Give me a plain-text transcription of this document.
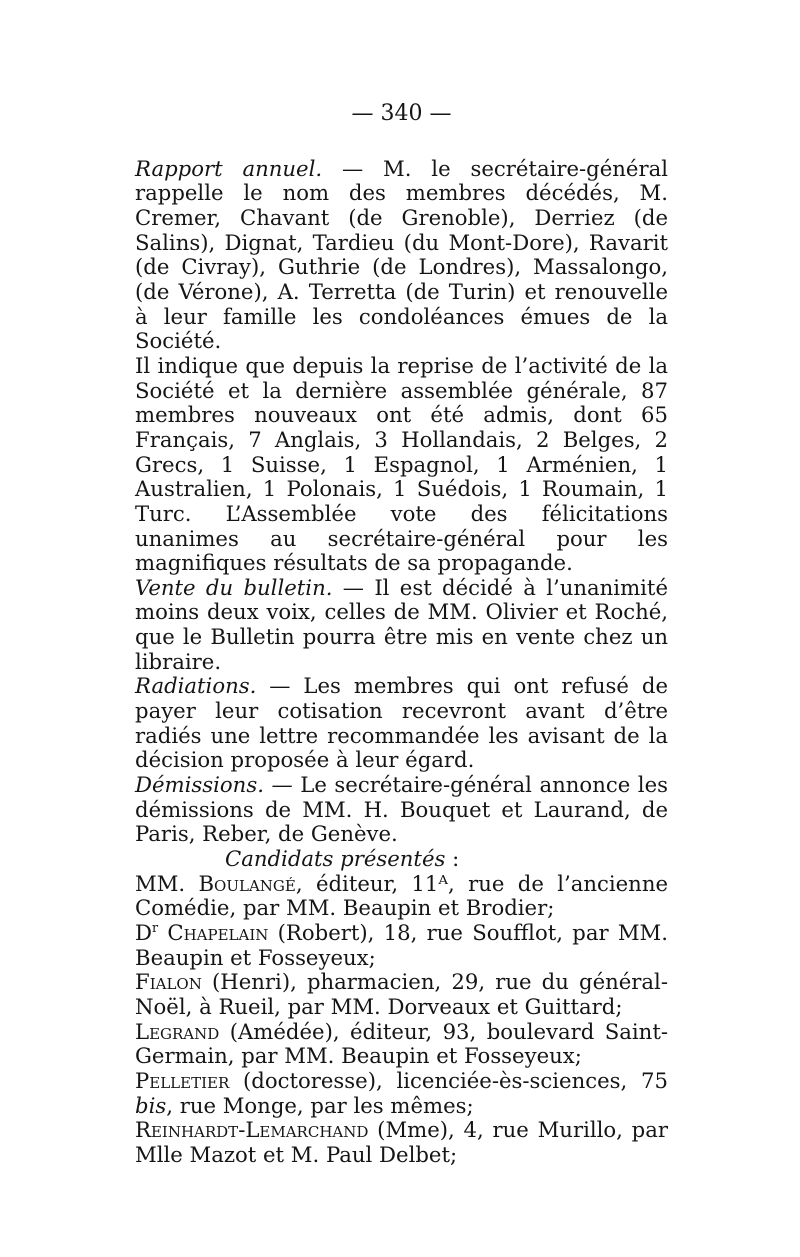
— 340 —

Rapport annuel. — M. le secrétaire-général rappelle le nom des membres décédés, M. Cremer, Chavant (de Grenoble), Derriez (de Salins), Dignat, Tardieu (du Mont-Dore), Ravarit (de Civray), Guthrie (de Londres), Massalongo, (de Vérone), A. Terretta (de Turin) et renouvelle à leur famille les condoléances émues de la Société.

Il indique que depuis la reprise de l’activité de la Société et la dernière assemblée générale, 87 membres nouveaux ont été admis, dont 65 Français, 7 Anglais, 3 Hollandais, 2 Belges, 2 Grecs, 1 Suisse, 1 Espagnol, 1 Arménien, 1 Australien, 1 Polonais, 1 Suédois, 1 Roumain, 1 Turc. L’Assemblée vote des félicitations unanimes au secrétaire-général pour les magnifiques résultats de sa propagande.

Vente du bulletin. — Il est décidé à l’unanimité moins deux voix, celles de MM. Olivier et Roché, que le Bulletin pourra être mis en vente chez un libraire.

Radiations. — Les membres qui ont refusé de payer leur cotisation recevront avant d’être radiés une lettre recommandée les avisant de la décision proposée à leur égard.

Démissions. — Le secrétaire-général annonce les démissions de MM. H. Bouquet et Laurand, de Paris, Reber, de Genève.

Candidats présentés :

MM. Boulangé, éditeur, 11ᴬ, rue de l’ancienne Comédie, par MM. Beaupin et Brodier;

$D^r$ Chapelain (Robert), 18, rue Soufflot, par MM. Beaupin et Fosseyeux;

Fialon (Henri), pharmacien, 29, rue du général-Noël, à Rueil, par MM. Dorveaux et Guittard;

Legrand (Amédée), éditeur, 93, boulevard Saint-Germain, par MM. Beaupin et Fosseyeux;

Pelletier (doctoresse), licenciée-ès-sciences, 75 bis, rue Monge, par les mêmes;

Reinhardt-Lemarchand (Mme), 4, rue Murillo, par Mlle Mazot et M. Paul Delbet;
